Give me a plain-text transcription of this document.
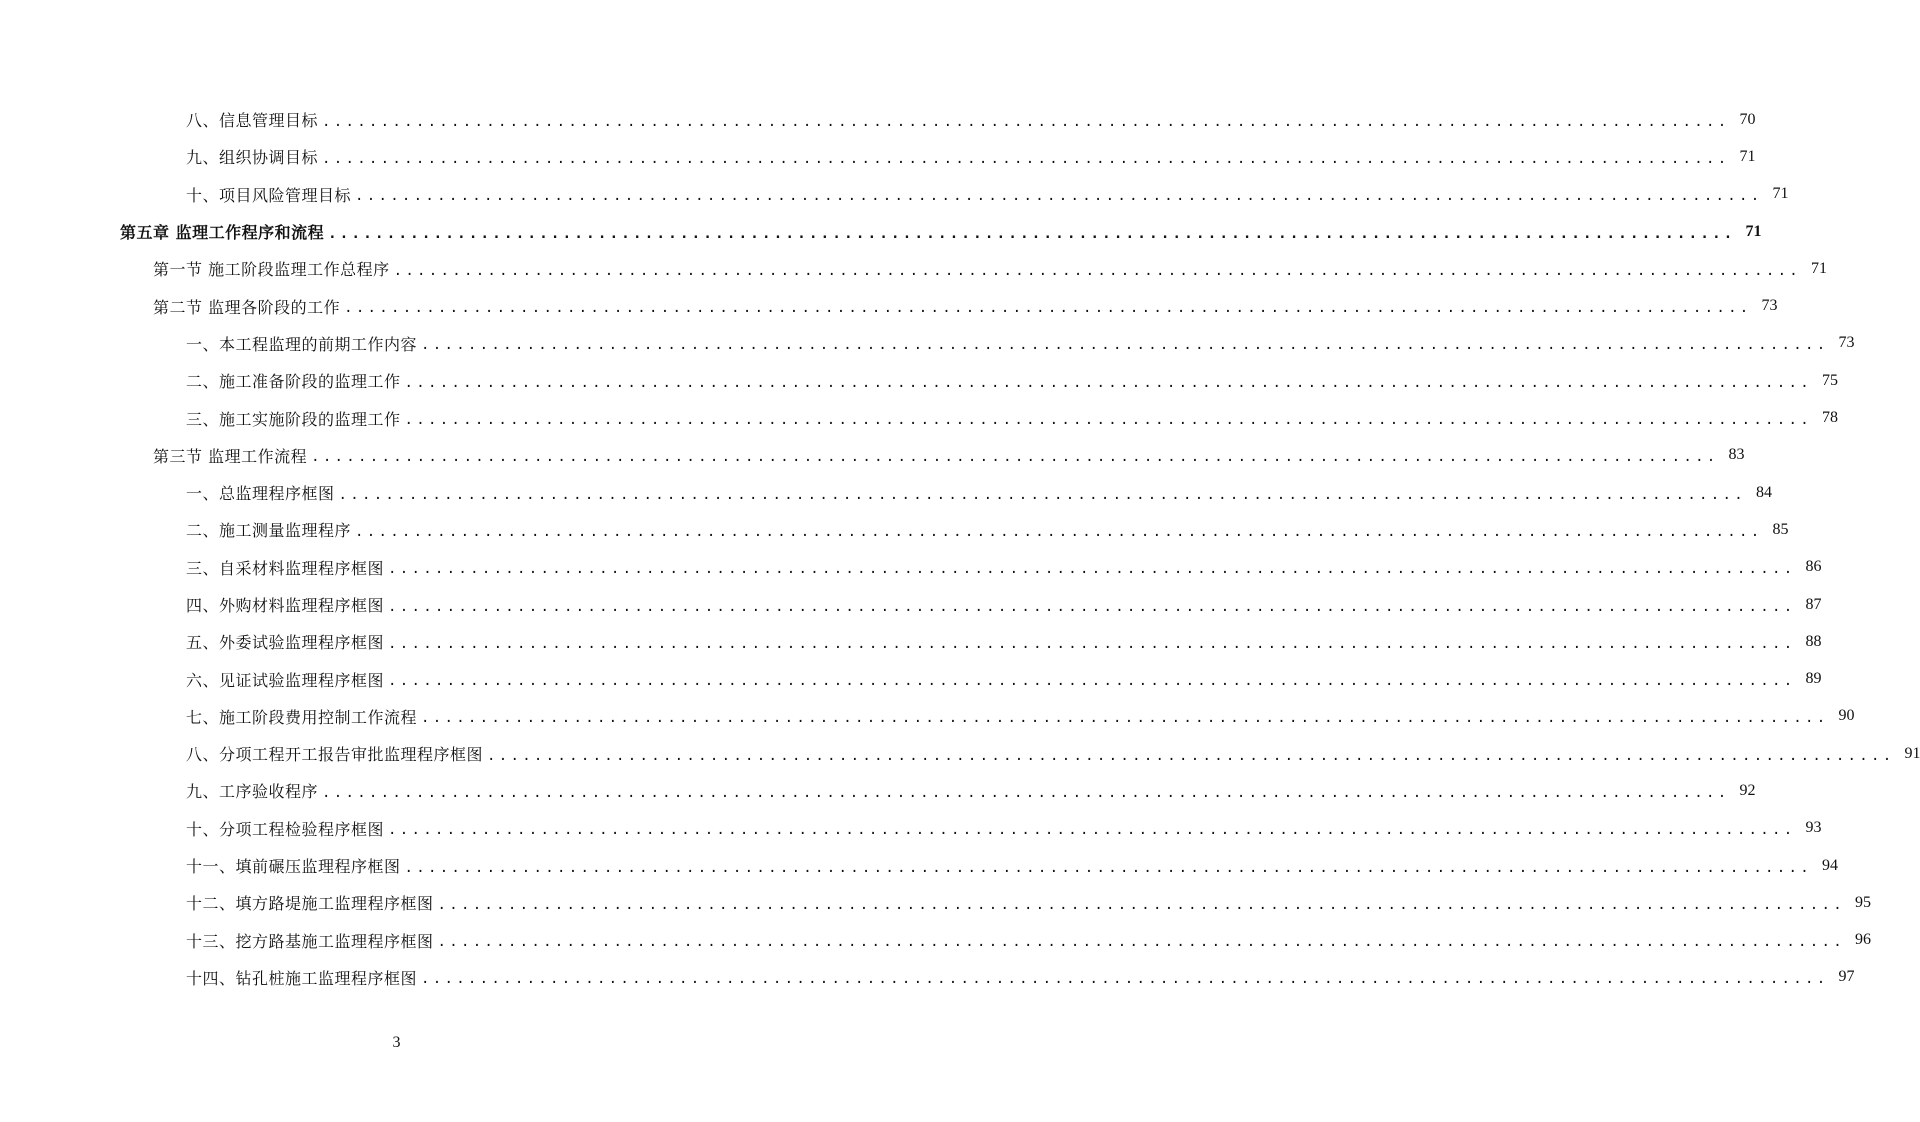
八、信息管理目标 ........................................................................................................................ 70
九、组织协调目标 ........................................................................................................................ 71
十、项目风险管理目标 ........................................................................................................................ 71
第五章 监理工作程序和流程 ........................................................................................................................ 71
第一节 施工阶段监理工作总程序 ........................................................................................................................ 71
第二节 监理各阶段的工作 ........................................................................................................................ 73
一、本工程监理的前期工作内容 ........................................................................................................................ 73
二、施工准备阶段的监理工作 ........................................................................................................................ 75
三、施工实施阶段的监理工作 ........................................................................................................................ 78
第三节 监理工作流程 ........................................................................................................................ 83
一、总监理程序框图 ........................................................................................................................ 84
二、施工测量监理程序 ........................................................................................................................ 85
三、自采材料监理程序框图 ........................................................................................................................ 86
四、外购材料监理程序框图 ........................................................................................................................ 87
五、外委试验监理程序框图 ........................................................................................................................ 88
六、见证试验监理程序框图 ........................................................................................................................ 89
七、施工阶段费用控制工作流程 ........................................................................................................................ 90
八、分项工程开工报告审批监理程序框图 ........................................................................................................................ 91
九、工序验收程序 ........................................................................................................................ 92
十、分项工程检验程序框图 ........................................................................................................................ 93
十一、填前碾压监理程序框图 ........................................................................................................................ 94
十二、填方路堤施工监理程序框图 ........................................................................................................................ 95
十三、挖方路基施工监理程序框图 ........................................................................................................................ 96
十四、钻孔桩施工监理程序框图 ........................................................................................................................ 97
3
